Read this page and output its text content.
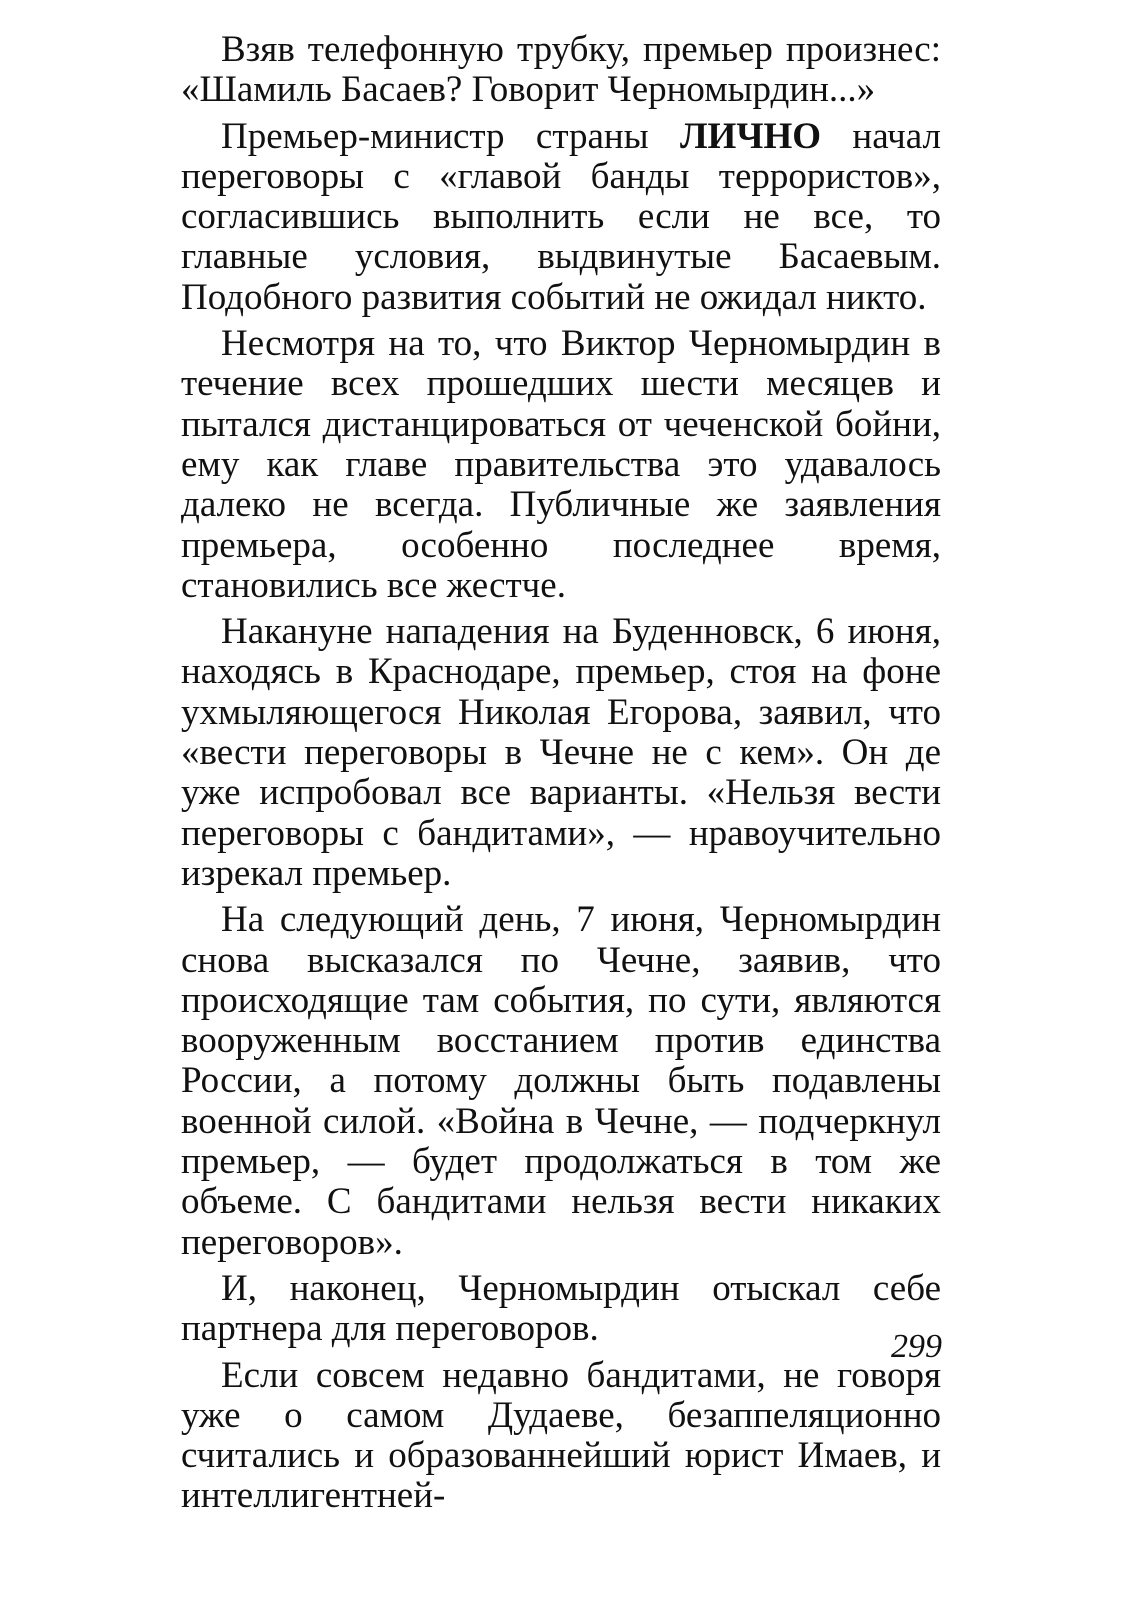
Взяв телефонную трубку, премьер произнес: «Шамиль Басаев? Говорит Черномырдин...»

Премьер-министр страны ЛИЧНО начал переговоры с «главой банды террористов», согласившись выполнить если не все, то главные условия, выдвинутые Басаевым. Подобного развития событий не ожидал никто.

Несмотря на то, что Виктор Черномырдин в течение всех прошедших шести месяцев и пытался дистанцироваться от чеченской бойни, ему как главе правительства это удавалось далеко не всегда. Публичные же заявления премьера, особенно последнее время, становились все жестче.

Накануне нападения на Буденновск, 6 июня, находясь в Краснодаре, премьер, стоя на фоне ухмыляющегося Николая Егорова, заявил, что «вести переговоры в Чечне не с кем». Он де уже испробовал все варианты. «Нельзя вести переговоры с бандитами», — нравоучительно изрекал премьер.

На следующий день, 7 июня, Черномырдин снова высказался по Чечне, заявив, что происходящие там события, по сути, являются вооруженным восстанием против единства России, а потому должны быть подавлены военной силой. «Война в Чечне, — подчеркнул премьер, — будет продолжаться в том же объеме. С бандитами нельзя вести никаких переговоров».

И, наконец, Черномырдин отыскал себе партнера для переговоров.

Если совсем недавно бандитами, не говоря уже о самом Дудаеве, безаппеляционно считались и образованнейший юрист Имаев, и интеллигентней-

299
